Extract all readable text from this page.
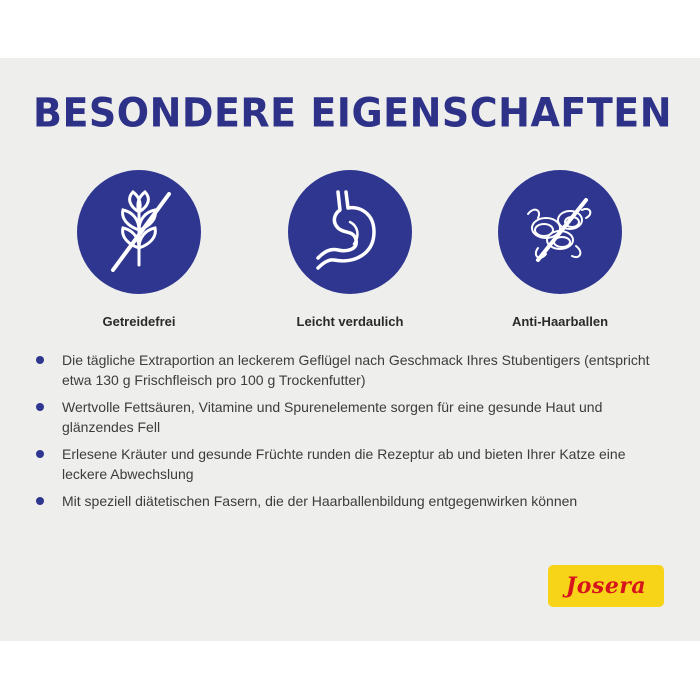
BESONDERE EIGENSCHAFTEN
Getreidefrei	Leicht verdaulich	Anti-Haarballen
Die tägliche Extraportion an leckerem Geflügel nach Geschmack Ihres Stubentigers (entspricht etwa 130 g Frischfleisch pro 100 g Trockenfutter)
Wertvolle Fettsäuren, Vitamine und Spurenelemente sorgen für eine gesunde Haut und glänzendes Fell
Erlesene Kräuter und gesunde Früchte runden die Rezeptur ab und bieten Ihrer Katze eine leckere Abwechslung
Mit speziell diätetischen Fasern, die der Haarballenbildung entgegenwirken können
Josera
